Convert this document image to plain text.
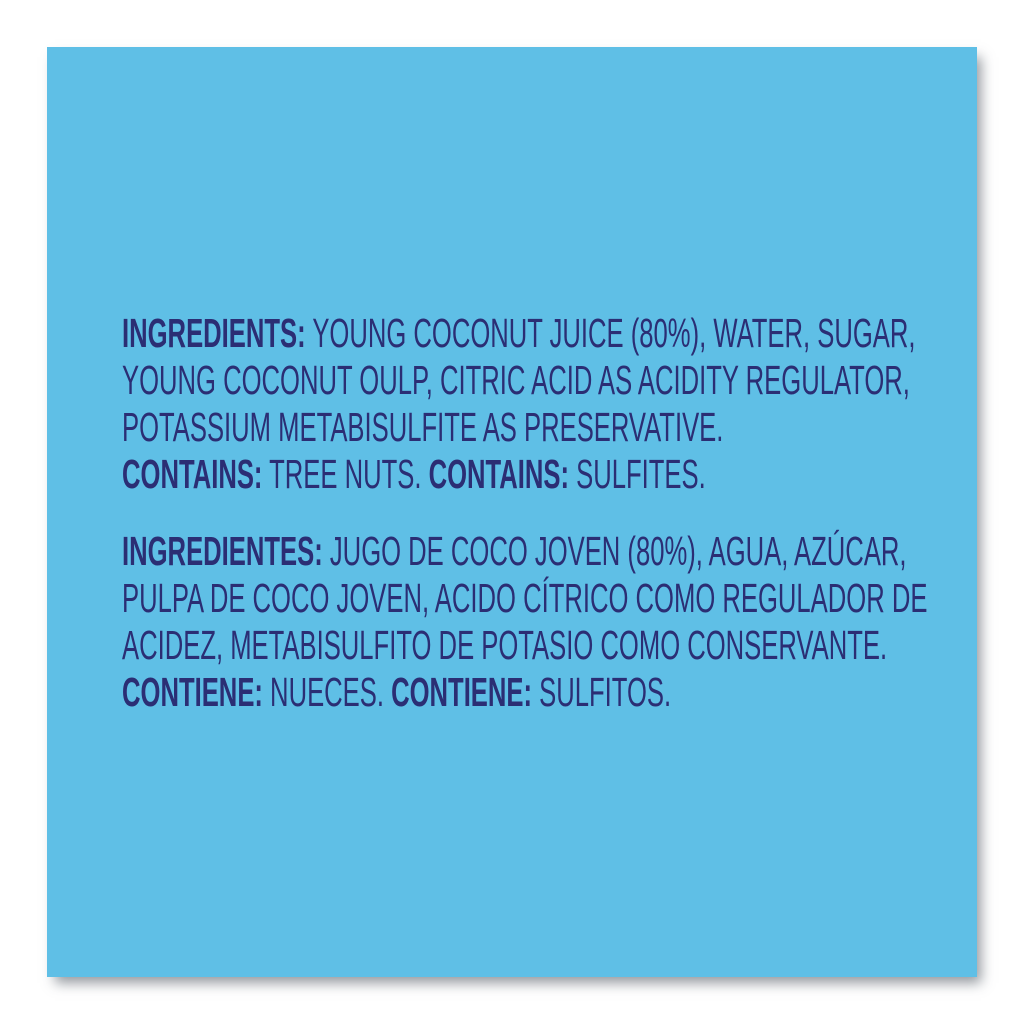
INGREDIENTS: YOUNG COCONUT JUICE (80%), WATER, SUGAR,
YOUNG COCONUT OULP, CITRIC ACID AS ACIDITY REGULATOR,
POTASSIUM METABISULFITE AS PRESERVATIVE.
CONTAINS: TREE NUTS. CONTAINS: SULFITES.
INGREDIENTES: JUGO DE COCO JOVEN (80%), AGUA, AZÚCAR,
PULPA DE COCO JOVEN, ACIDO CÍTRICO COMO REGULADOR DE
ACIDEZ, METABISULFITO DE POTASIO COMO CONSERVANTE.
CONTIENE: NUECES. CONTIENE: SULFITOS.
